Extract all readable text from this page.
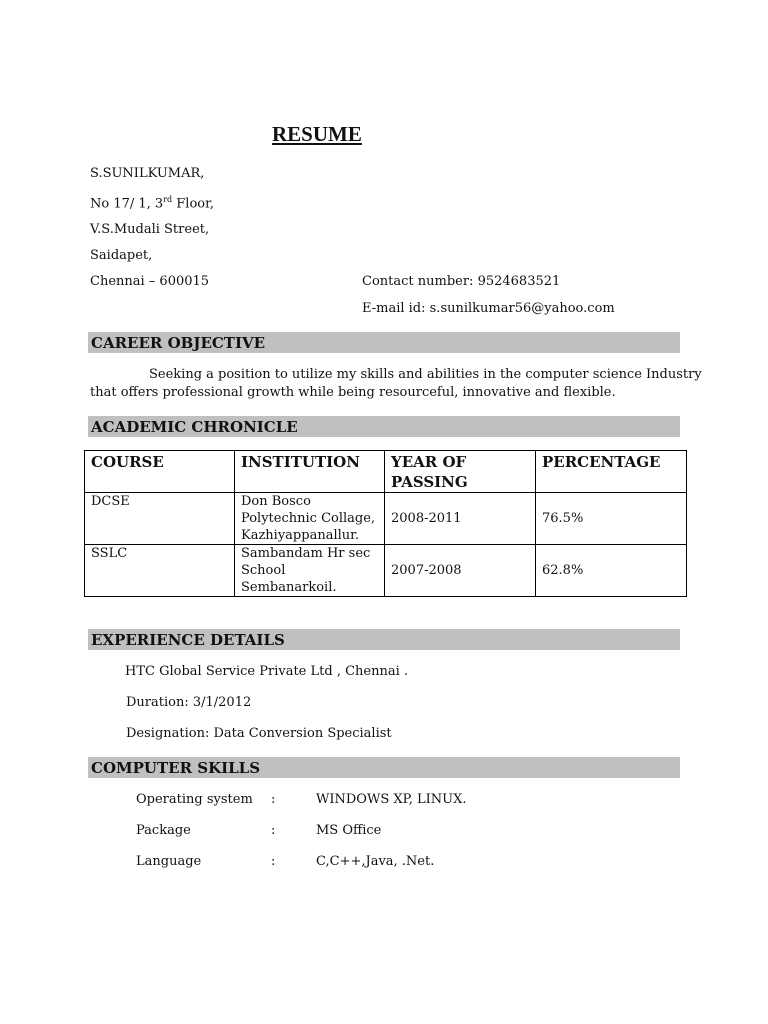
RESUME
S.SUNILKUMAR,
No 17/ 1, 3rd Floor,
V.S.Mudali Street,
Saidapet,
Chennai – 600015	Contact number: 9524683521
E-mail id: s.sunilkumar56@yahoo.com
CAREER OBJECTIVE
Seeking a position to utilize my skills and abilities in the computer science Industry
that offers professional growth while being resourceful, innovative and flexible.
ACADEMIC CHRONICLE
COURSE	INSTITUTION	YEAR OF PASSING	PERCENTAGE
DCSE	Don Bosco
Polytechnic Collage,
Kazhiyappanallur.	2008-2011	76.5%
SSLC	Sambandam Hr sec
School
Sembanarkoil.	2007-2008	62.8%
EXPERIENCE DETAILS
HTC Global Service Private Ltd , Chennai .
Duration: 3/1/2012
Designation: Data Conversion Specialist
COMPUTER SKILLS
Operating system :	WINDOWS XP, LINUX.
Package	:	MS Office
Language	:	C,C++,Java, .Net.
